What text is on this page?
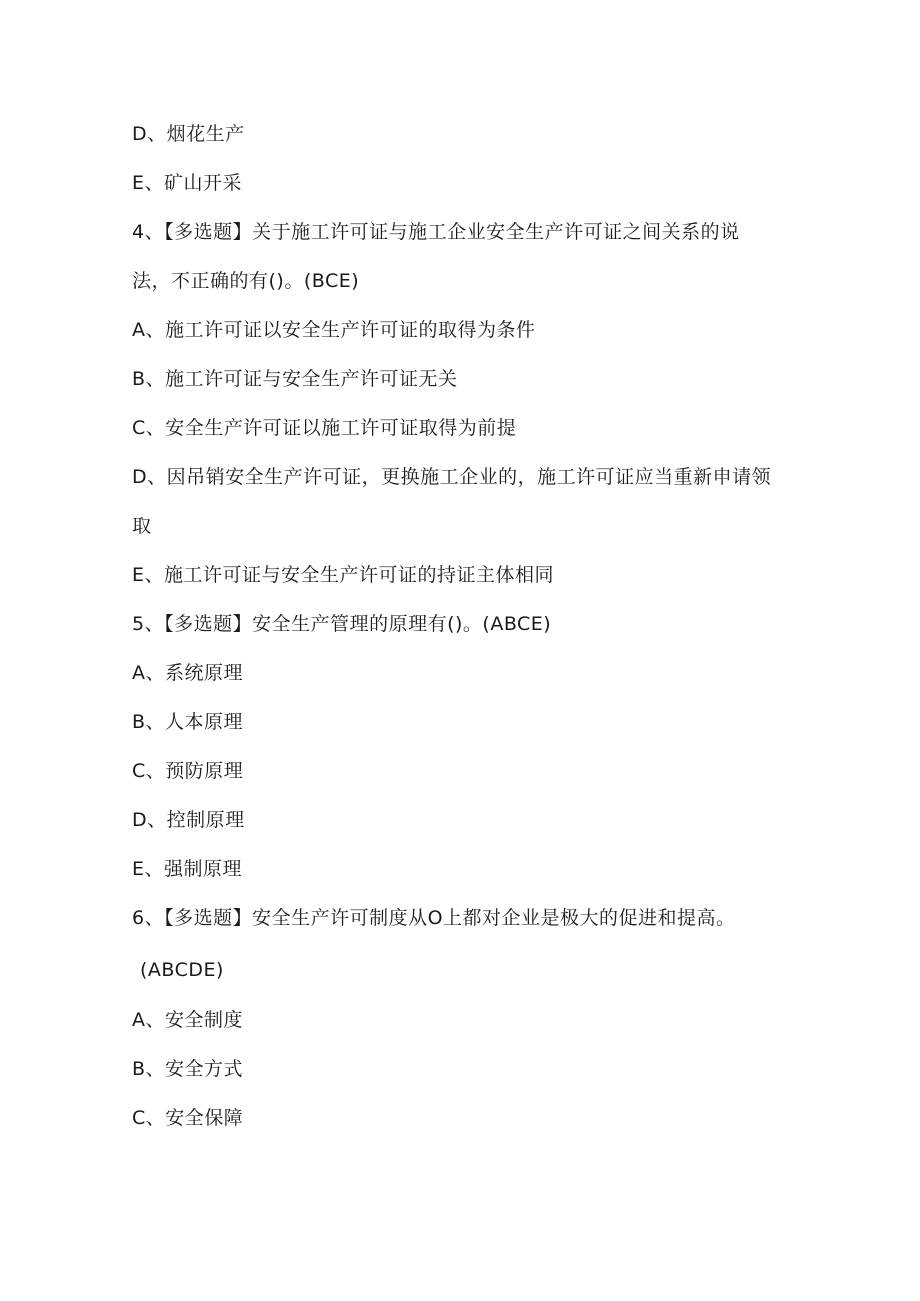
D、烟花生产
E、矿山开采
4、【多选题】关于施工许可证与施工企业安全生产许可证之间关系的说
法，不正确的有()。(BCE)
A、施工许可证以安全生产许可证的取得为条件
B、施工许可证与安全生产许可证无关
C、安全生产许可证以施工许可证取得为前提
D、因吊销安全生产许可证，更换施工企业的，施工许可证应当重新申请领
取
E、施工许可证与安全生产许可证的持证主体相同
5、【多选题】安全生产管理的原理有()。(ABCE)
A、系统原理
B、人本原理
C、预防原理
D、控制原理
E、强制原理
6、【多选题】安全生产许可制度从O上都对企业是极大的促进和提高。
(ABCDE)
A、安全制度
B、安全方式
C、安全保障
